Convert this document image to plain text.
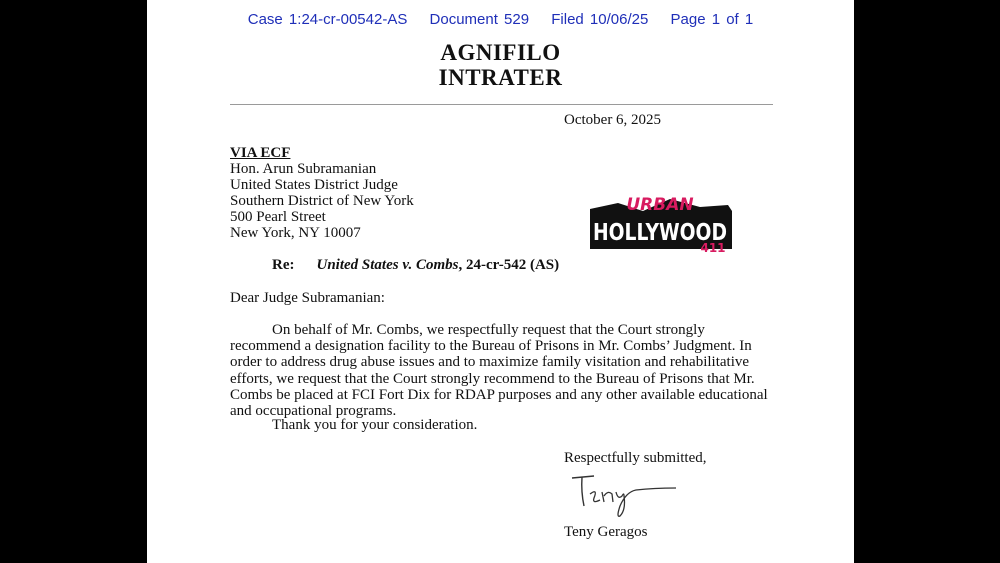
Case 1:24-cr-00542-AS Document 529 Filed 10/06/25 Page 1 of 1
AGNIFILO
INTRATER
October 6, 2025
VIA ECF
Hon. Arun Subramanian
United States District Judge
Southern District of New York
500 Pearl Street
New York, NY 10007
Re: United States v. Combs, 24-cr-542 (AS)
Dear Judge Subramanian:
On behalf of Mr. Combs, we respectfully request that the Court strongly recommend a designation facility to the Bureau of Prisons in Mr. Combs’ Judgment. In order to address drug abuse issues and to maximize family visitation and rehabilitative efforts, we request that the Court strongly recommend to the Bureau of Prisons that Mr. Combs be placed at FCI Fort Dix for RDAP purposes and any other available educational and occupational programs.
Thank you for your consideration.
Respectfully submitted,
Teny Geragos
URBAN
HOLLYWOOD
411
